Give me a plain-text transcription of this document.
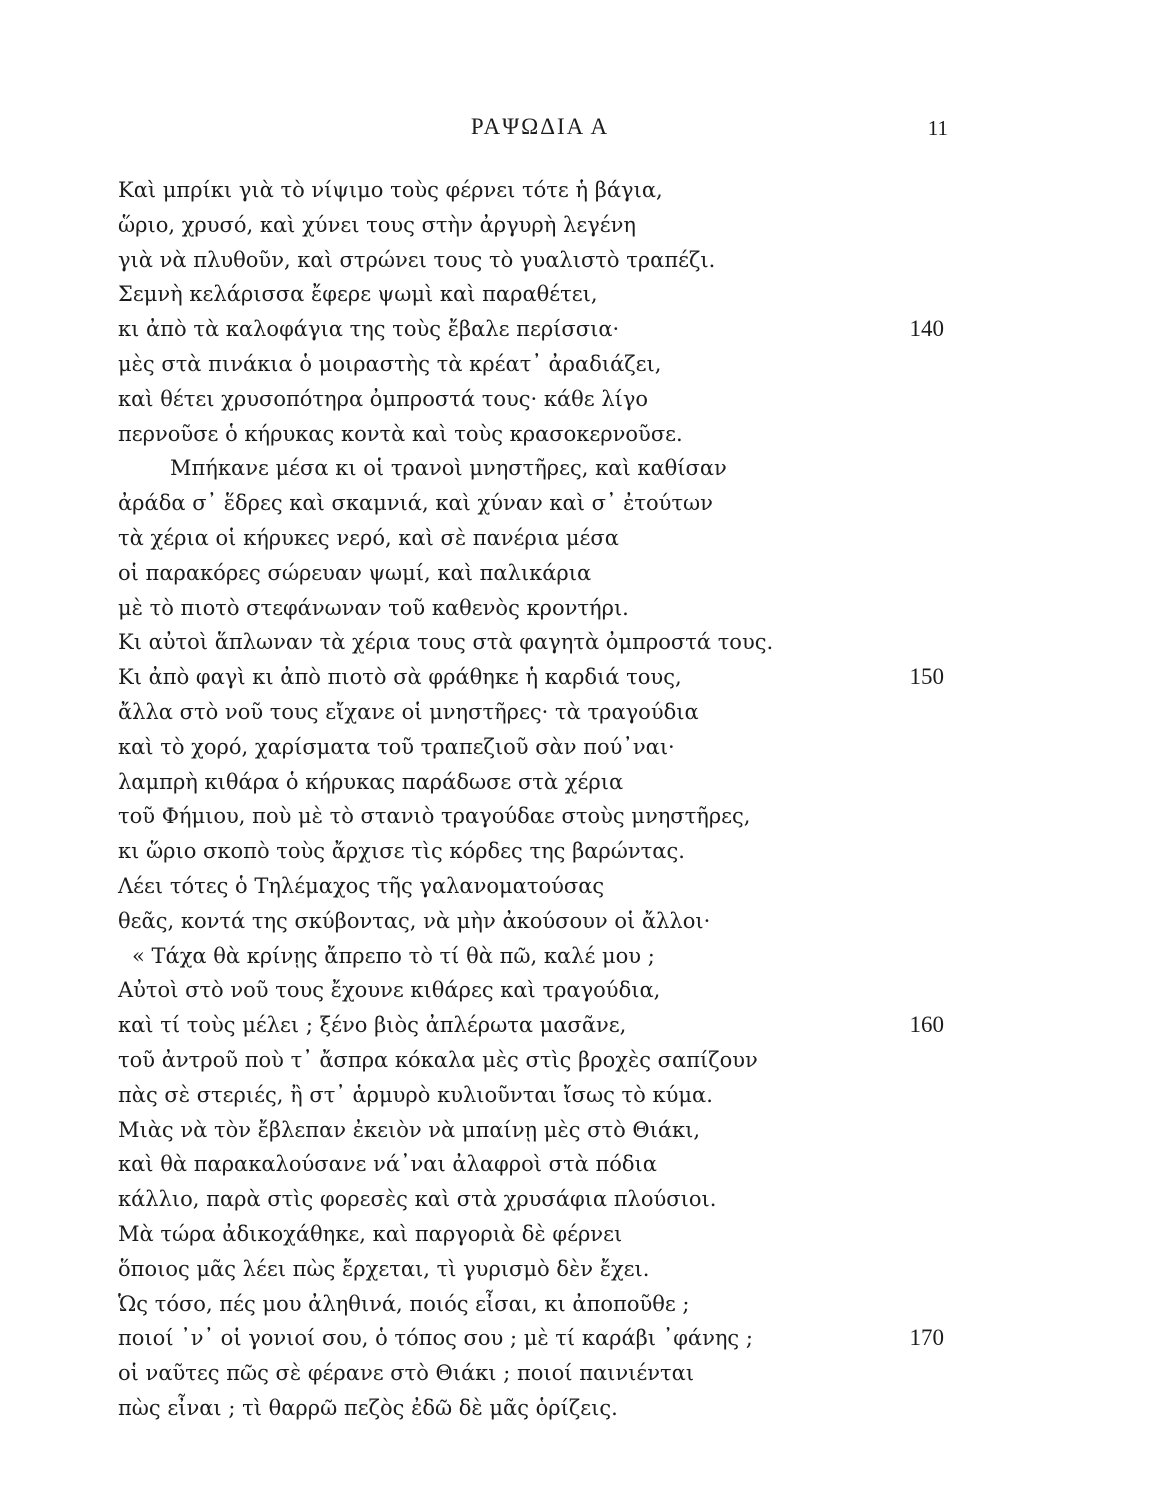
ΡΑΨΩΔΙΑ Α	11
Καὶ μπρίκι γιὰ τὸ νίψιμο τοὺς φέρνει τότε ἡ βάγια,
ὥριο, χρυσό, καὶ χύνει τους στὴν ἀργυρὴ λεγένη
γιὰ νὰ πλυθοῦν, καὶ στρώνει τους τὸ γυαλιστὸ τραπέζι.
Σεμνὴ κελάρισσα ἔφερε ψωμὶ καὶ παραθέτει,
κι ἀπὸ τὰ καλοφάγια της τοὺς ἔβαλε περίσσια·	140
μὲς στὰ πινάκια ὁ μοιραστὴς τὰ κρέατ᾽ ἀραδιάζει,
καὶ θέτει χρυσοπότηρα ὀμπροστά τους· κάθε λίγο
περνοῦσε ὁ κήρυκας κοντὰ καὶ τοὺς κρασοκερνοῦσε.
Μπήκανε μέσα κι οἱ τρανοὶ μνηστῆρες, καὶ καθίσαν
ἀράδα σ᾽ ἕδρες καὶ σκαμνιά, καὶ χύναν καὶ σ᾽ ἐτούτων
τὰ χέρια οἱ κήρυκες νερό, καὶ σὲ πανέρια μέσα
οἱ παρακόρες σώρευαν ψωμί, καὶ παλικάρια
μὲ τὸ πιοτὸ στεφάνωναν τοῦ καθενὸς κροντήρι.
Κι αὐτοὶ ἅπλωναν τὰ χέρια τους στὰ φαγητὰ ὀμπροστά τους.
Κι ἀπὸ φαγὶ κι ἀπὸ πιοτὸ σὰ φράθηκε ἡ καρδιά τους,	150
ἄλλα στὸ νοῦ τους εἴχανε οἱ μνηστῆρες· τὰ τραγούδια
καὶ τὸ χορό, χαρίσματα τοῦ τραπεζιοῦ σὰν πού᾽ναι·
λαμπρὴ κιθάρα ὁ κήρυκας παράδωσε στὰ χέρια
τοῦ Φήμιου, ποὺ μὲ τὸ στανιὸ τραγούδαε στοὺς μνηστῆρες,
κι ὥριο σκοπὸ τοὺς ἄρχισε τὶς κόρδες της βαρώντας.
Λέει τότες ὁ Τηλέμαχος τῆς γαλανοματούσας
θεᾶς, κοντά της σκύβοντας, νὰ μὴν ἀκούσουν οἱ ἄλλοι·
« Τάχα θὰ κρίνῃς ἄπρεπο τὸ τί θὰ πῶ, καλέ μου ;
Αὐτοὶ στὸ νοῦ τους ἔχουνε κιθάρες καὶ τραγούδια,
καὶ τί τοὺς μέλει ; ξένο βιὸς ἀπλέρωτα μασᾶνε,	160
τοῦ ἀντροῦ ποὺ τ᾽ ἄσπρα κόκαλα μὲς στὶς βροχὲς σαπίζουν
πὰς σὲ στεριές, ἢ στ᾽ ἁρμυρὸ κυλιοῦνται ἴσως τὸ κύμα.
Μιὰς νὰ τὸν ἔβλεπαν ἐκειὸν νὰ μπαίνῃ μὲς στὸ Θιάκι,
καὶ θὰ παρακαλούσανε νά᾽ναι ἀλαφροὶ στὰ πόδια
κάλλιο, παρὰ στὶς φορεσὲς καὶ στὰ χρυσάφια πλούσιοι.
Μὰ τώρα ἀδικοχάθηκε, καὶ παργοριὰ δὲ φέρνει
ὅποιος μᾶς λέει πὼς ἔρχεται, τὶ γυρισμὸ δὲν ἔχει.
Ὡς τόσο, πές μου ἀληθινά, ποιός εἶσαι, κι ἀποποῦθε ;
ποιοί ᾽ν᾽ οἱ γονιοί σου, ὁ τόπος σου ; μὲ τί καράβι ᾽φάνης ;	170
οἱ ναῦτες πῶς σὲ φέρανε στὸ Θιάκι ; ποιοί παινιένται
πὼς εἶναι ; τὶ θαρρῶ πεζὸς ἐδῶ δὲ μᾶς ὁρίζεις.
